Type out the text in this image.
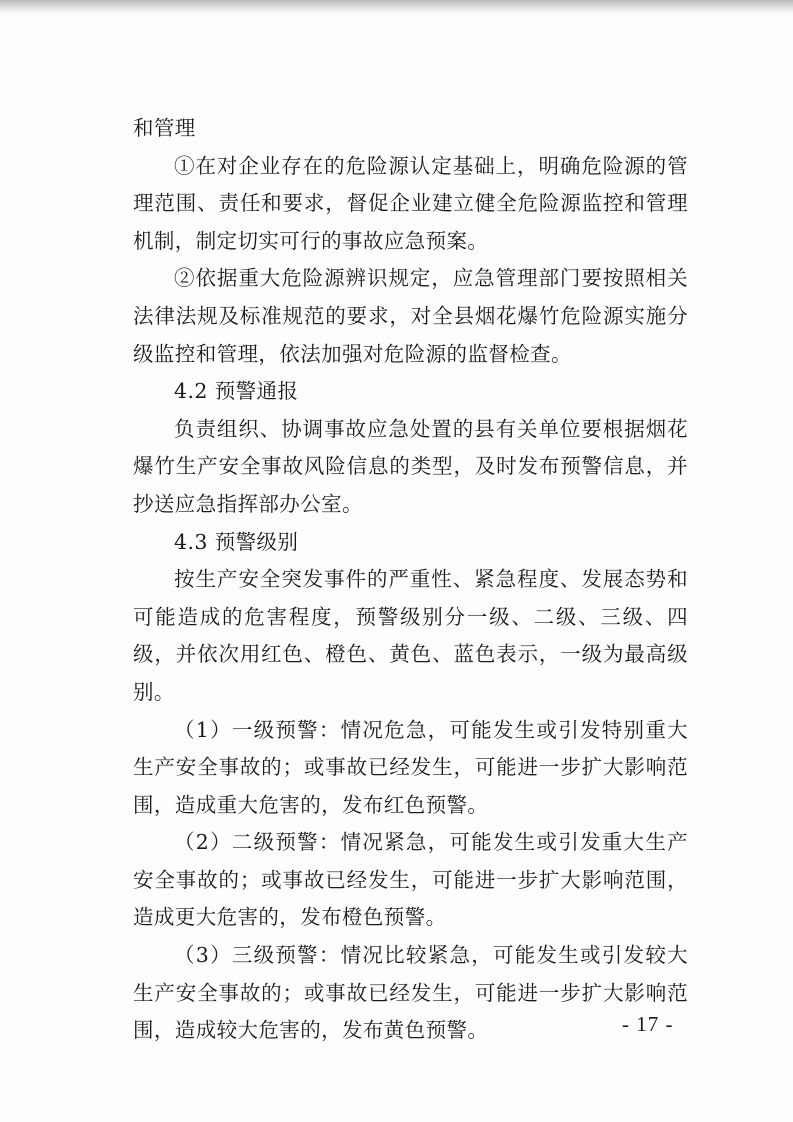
和管理

①在对企业存在的危险源认定基础上，明确危险源的管理范围、责任和要求，督促企业建立健全危险源监控和管理机制，制定切实可行的事故应急预案。

②依据重大危险源辨识规定，应急管理部门要按照相关法律法规及标准规范的要求，对全县烟花爆竹危险源实施分级监控和管理，依法加强对危险源的监督检查。

4.2 预警通报

负责组织、协调事故应急处置的县有关单位要根据烟花爆竹生产安全事故风险信息的类型，及时发布预警信息，并抄送应急指挥部办公室。

4.3 预警级别

按生产安全突发事件的严重性、紧急程度、发展态势和可能造成的危害程度，预警级别分一级、二级、三级、四级，并依次用红色、橙色、黄色、蓝色表示，一级为最高级别。

（1）一级预警：情况危急，可能发生或引发特别重大生产安全事故的；或事故已经发生，可能进一步扩大影响范围，造成重大危害的，发布红色预警。

（2）二级预警：情况紧急，可能发生或引发重大生产安全事故的；或事故已经发生，可能进一步扩大影响范围，造成更大危害的，发布橙色预警。

（3）三级预警：情况比较紧急，可能发生或引发较大生产安全事故的；或事故已经发生，可能进一步扩大影响范围，造成较大危害的，发布黄色预警。	- 17 -
